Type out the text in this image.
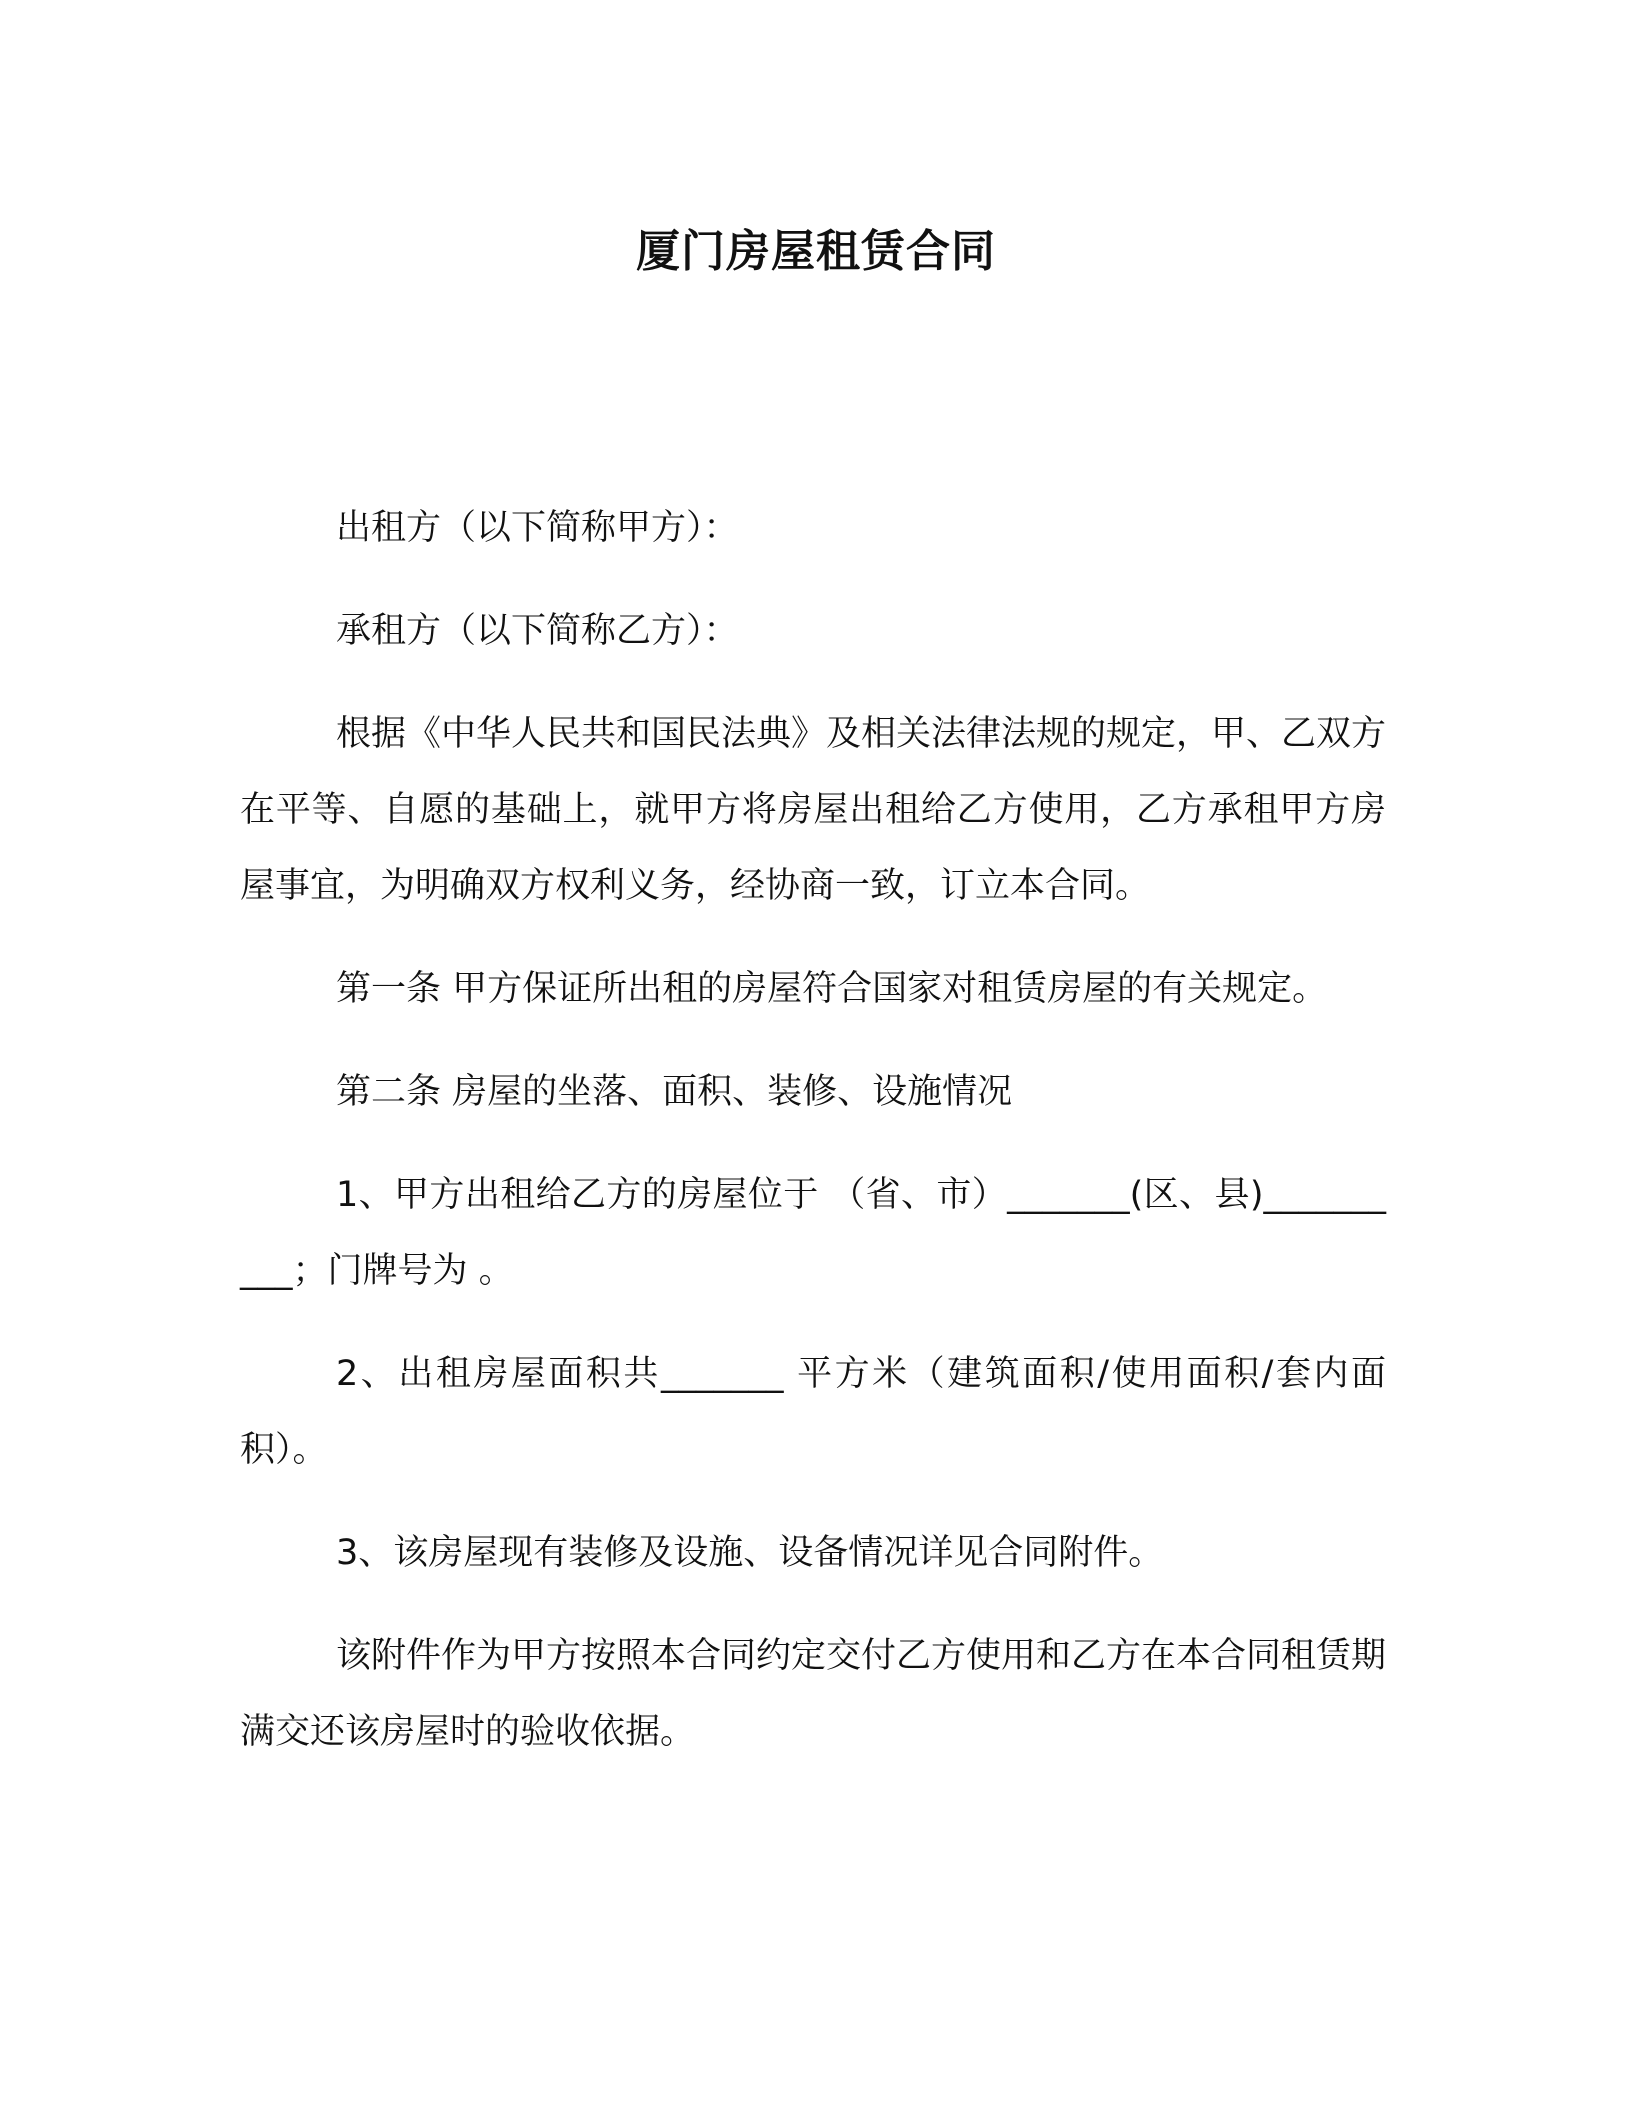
厦门房屋租赁合同

出租方（以下简称甲方）：

承租方（以下简称乙方）：

根据《中华人民共和国民法典》及相关法律法规的规定，甲、乙双方在平等、自愿的基础上，就甲方将房屋出租给乙方使用，乙方承租甲方房屋事宜，为明确双方权利义务，经协商一致，订立本合同。

第一条 甲方保证所出租的房屋符合国家对租赁房屋的有关规定。

第二条 房屋的坐落、面积、装修、设施情况

1、甲方出租给乙方的房屋位于 （省、市）_______(区、县)__________；门牌号为 。

2、出租房屋面积共_______ 平方米（建筑面积/使用面积/套内面积）。

3、该房屋现有装修及设施、设备情况详见合同附件。

该附件作为甲方按照本合同约定交付乙方使用和乙方在本合同租赁期满交还该房屋时的验收依据。
